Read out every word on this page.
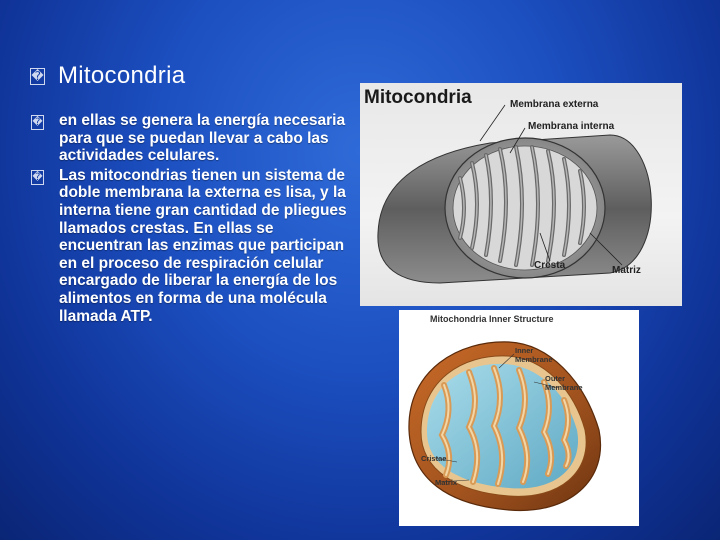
� Mitocondria
� en ellas se genera la energía necesaria para que se puedan llevar a cabo las actividades celulares.
� Las mitocondrias tienen un sistema de doble membrana la externa es lisa, y la interna tiene gran cantidad de pliegues llamados crestas. En ellas se encuentran las enzimas que participan en el proceso de respiración celular encargado de liberar la energía de los alimentos en forma de una molécula llamada ATP.
Mitocondria	Membrana externa
Membrana interna
Cresta	Matriz
Mitochondria Inner Structure
Inner
Membrane
Outer
Membrane
Cristae
Matrix
